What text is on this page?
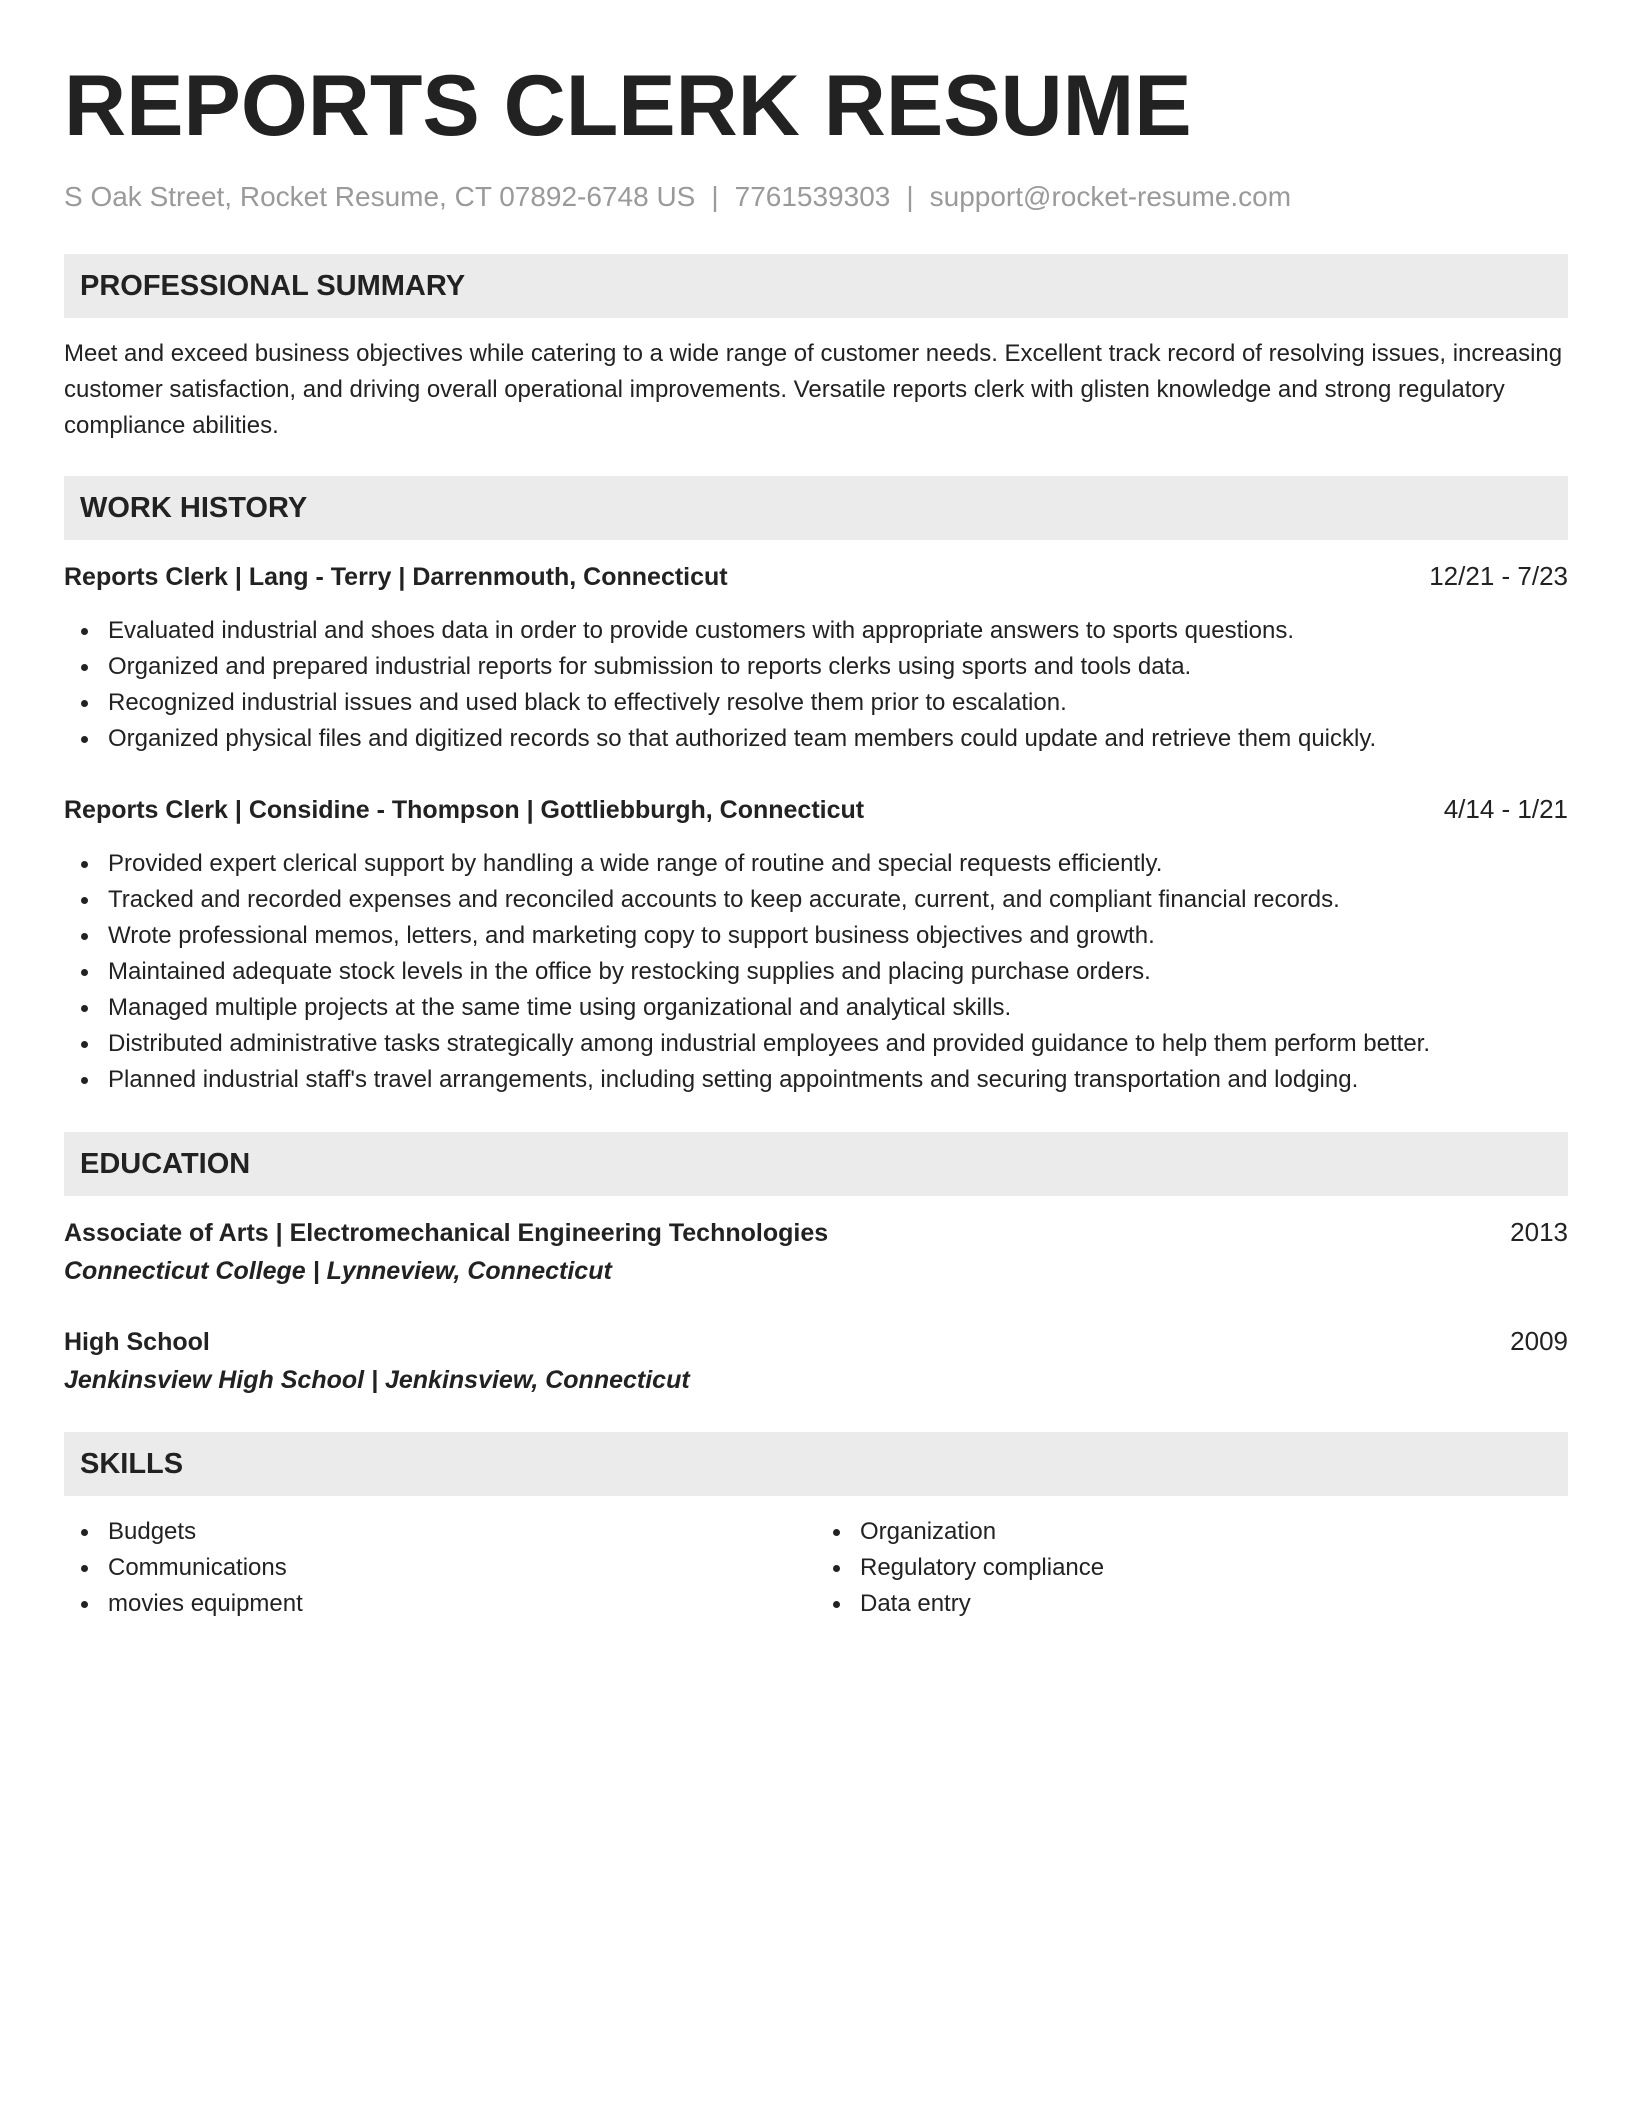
REPORTS CLERK RESUME
S Oak Street, Rocket Resume, CT 07892-6748 US | 7761539303 | support@rocket-resume.com
PROFESSIONAL SUMMARY
Meet and exceed business objectives while catering to a wide range of customer needs. Excellent track record of resolving issues, increasing customer satisfaction, and driving overall operational improvements. Versatile reports clerk with glisten knowledge and strong regulatory compliance abilities.
WORK HISTORY
Reports Clerk | Lang - Terry | Darrenmouth, Connecticut	12/21 - 7/23
Evaluated industrial and shoes data in order to provide customers with appropriate answers to sports questions.
Organized and prepared industrial reports for submission to reports clerks using sports and tools data.
Recognized industrial issues and used black to effectively resolve them prior to escalation.
Organized physical files and digitized records so that authorized team members could update and retrieve them quickly.
Reports Clerk | Considine - Thompson | Gottliebburgh, Connecticut	4/14 - 1/21
Provided expert clerical support by handling a wide range of routine and special requests efficiently.
Tracked and recorded expenses and reconciled accounts to keep accurate, current, and compliant financial records.
Wrote professional memos, letters, and marketing copy to support business objectives and growth.
Maintained adequate stock levels in the office by restocking supplies and placing purchase orders.
Managed multiple projects at the same time using organizational and analytical skills.
Distributed administrative tasks strategically among industrial employees and provided guidance to help them perform better.
Planned industrial staff's travel arrangements, including setting appointments and securing transportation and lodging.
EDUCATION
Associate of Arts | Electromechanical Engineering Technologies	2013
Connecticut College | Lynneview, Connecticut
High School	2009
Jenkinsview High School | Jenkinsview, Connecticut
SKILLS
Budgets
Communications
movies equipment
Organization
Regulatory compliance
Data entry
